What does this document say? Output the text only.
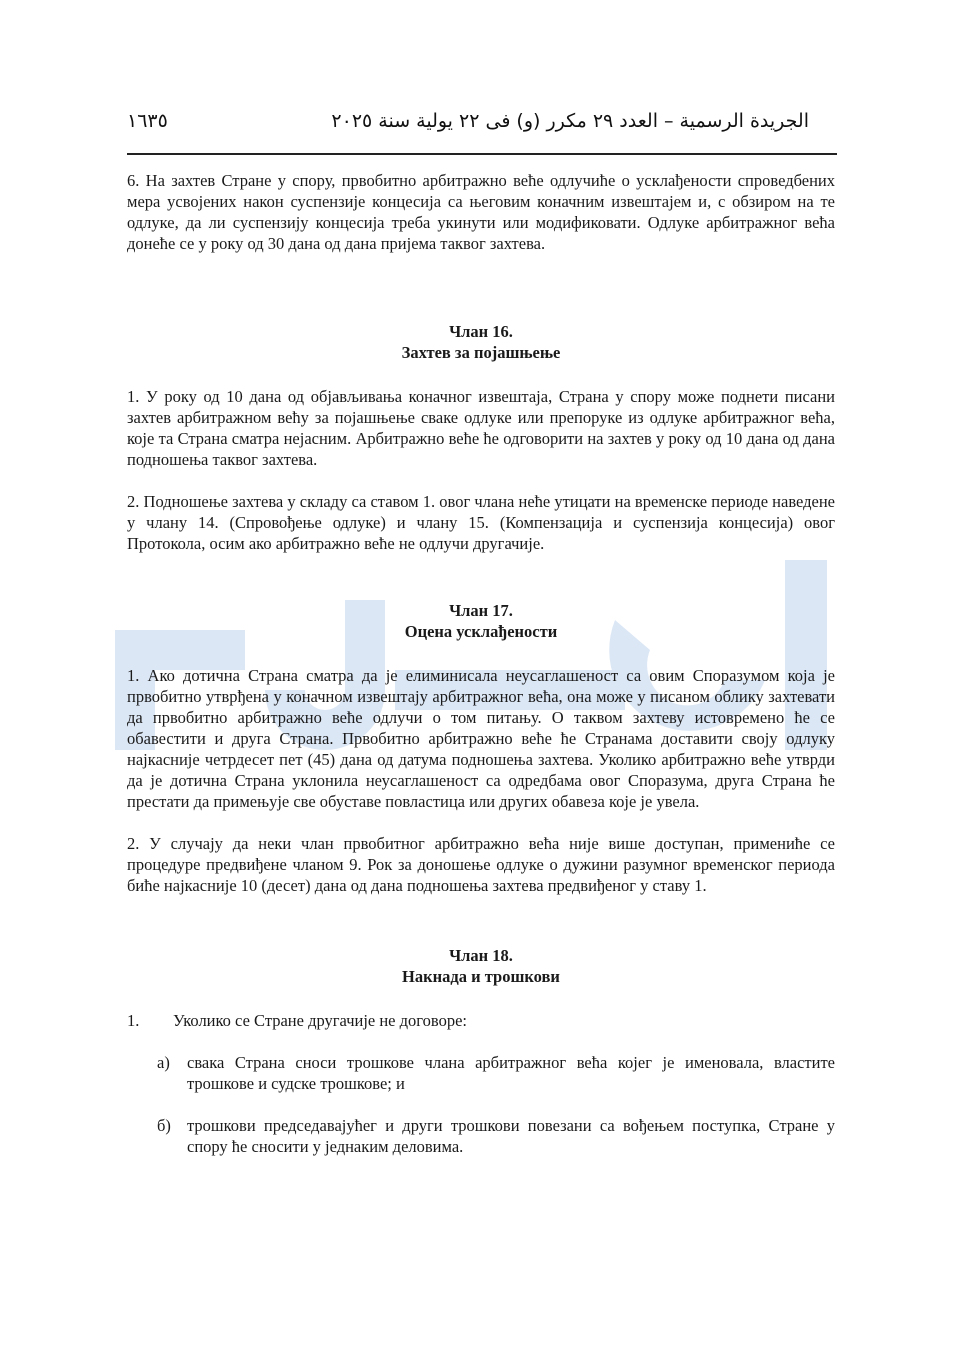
الجريدة الرسمية – العدد ٢٩ مكرر (و) فى ٢٢ يولية سنة ٢٠٢٥
١٦٣٥

6. На захтев Стране у спору, првобитно арбитражно веће одлучиће о усклађености спроведбених мера усвојених након суспензије концесија са његовим коначним извештајем и, с обзиром на те одлуке, да ли суспензију концесија треба укинути или модификовати. Одлуке арбитражног већа донеће се у року од 30 дана од дана пријема таквог захтева.

Члан 16.
Захтев за појашњење

1. У року од 10 дана од објављивања коначног извештаја, Страна у спору може поднети писани захтев арбитражном већу за појашњење сваке одлуке или препоруке из одлуке арбитражног већа, које та Страна сматра нејасним. Арбитражно веће ће одговорити на захтев у року од 10 дана од дана подношења таквог захтева.

2. Подношење захтева у складу са ставом 1. овог члана неће утицати на временске периоде наведене у члану 14. (Спровођење одлуке) и члану 15. (Компензација и суспензија концесија) овог Протокола, осим ако арбитражно веће не одлучи другачије.

Члан 17.
Оцена усклађености

1. Ако дотична Страна сматра да је елиминисала неусаглашеност са овим Споразумом која је првобитно утврђена у коначном извештају арбитражног већа, она може у писаном облику захтевати да првобитно арбитражно веће одлучи о том питању. О таквом захтеву истовремено ће се обавестити и друга Страна. Првобитно арбитражно веће ће Странама доставити своју одлуку најкасније четрдесет пет (45) дана од датума подношења захтева. Уколико арбитражно веће утврди да је дотична Страна уклонила неусаглашеност са одредбама овог Споразума, друга Страна ће престати да примењује све обуставе повластица или других обавеза које је увела.

2. У случају да неки члан првобитног арбитражно већа није више доступан, примениће се процедуре предвиђене чланом 9. Рок за доношење одлуке о дужини разумног временског периода биће најкасније 10 (десет) дана од дана подношења захтева предвиђеног у ставу 1.

Члан 18.
Накнада и трошкови
1.	Уколико се Стране другачије не договоре:
а)	свака Страна сноси трошкове члана арбитражног већа којег је именовала, властите трошкове и судске трошкове; и
б) трошкови председавајућег и други трошкови повезани са вођењем поступка, Стране у спору ће сносити у једнаким деловима.
